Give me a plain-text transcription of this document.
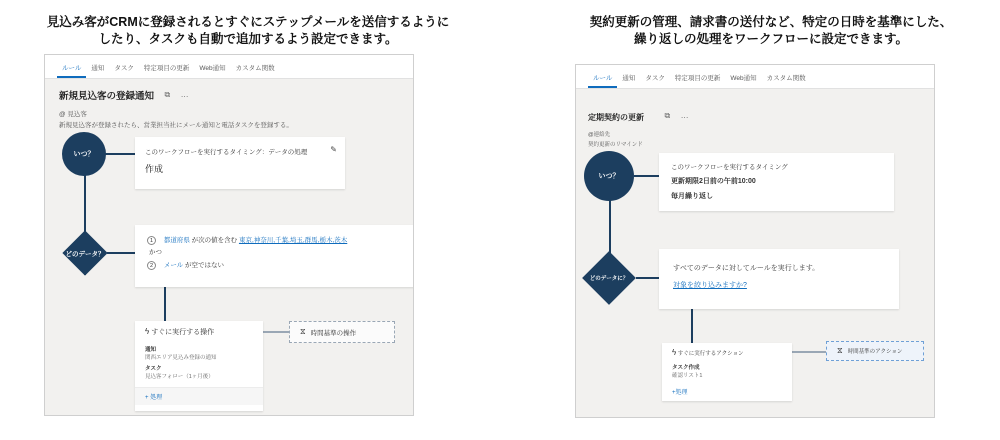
見込み客がCRMに登録されるとすぐにステップメールを送信するように
したり、タスクも自動で追加するよう設定できます。
契約更新の管理、請求書の送付など、特定の日時を基準にした、
繰り返しの処理をワークフローに設定できます。
ルール	通知	タスク	特定項目の更新	Web通知	カスタム関数
新規見込客の登録通知 ⧉ …
@ 見込客
新規見込客が登録されたら、営業担当社にメール通知と電話タスクを登録する。
いつ？	このワークフローを実行するタイミング：データの処理
作成
✎
どのデータ？
1 都道府県 が次の値を含む 東京,神奈川,千葉,埼玉,群馬,栃木,茨木
かつ
2 メール が空ではない
ϟ すぐに実行する操作
通知
関西エリア見込み登録の通知
タスク
見込客フォロー（1ヶ月後）
+ 処理
⧖ 時間基準の操作
ルール	通知	タスク	特定項目の更新	Web通知	カスタム関数
定期契約の更新	⧉ …
@連絡先
契約更新のリマインド
いつ？
このワークフローを実行するタイミング
更新期限2日前の午前10:00
毎月繰り返し
どのデータに？
すべてのデータに対してルールを実行します。
対象を絞り込みますか?
ϟ すぐに実行するアクション
タスク作成
確認リスト1
+処理
⧖ 時間基準のアクション
